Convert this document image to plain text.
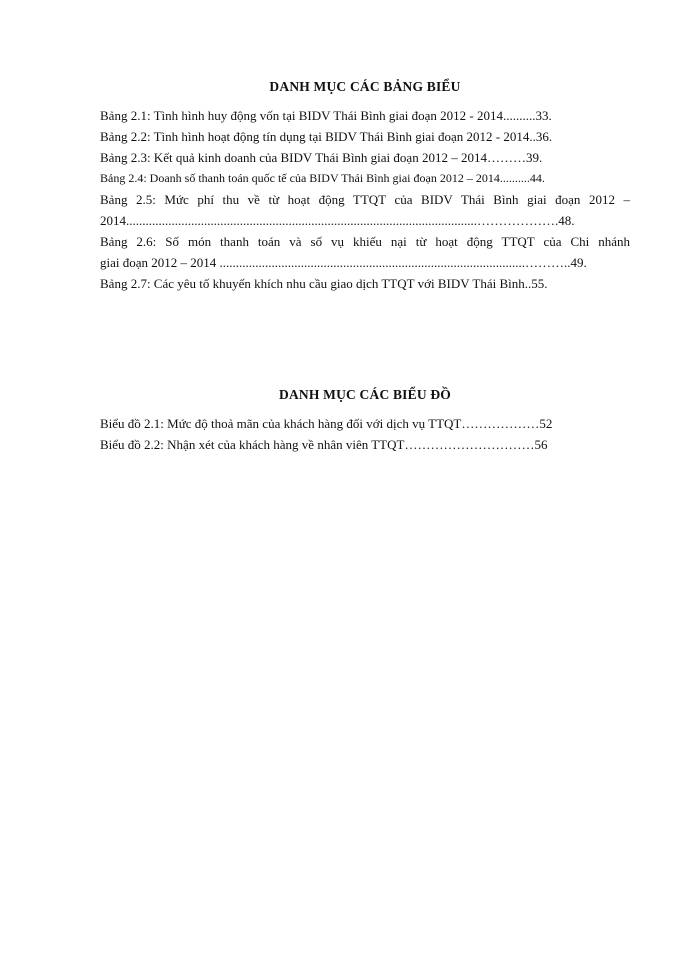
DANH MỤC CÁC BẢNG BIỂU

Bảng 2.1: Tình hình huy động vốn tại BIDV Thái Bình giai đoạn 2012 - 2014..........33.

Bảng 2.2: Tình hình hoạt động tín dụng tại BIDV Thái Bình giai đoạn 2012 - 2014..36.

Bảng 2.3: Kết quả kinh doanh của BIDV Thái Bình giai đoạn 2012 – 2014………39.

Bảng 2.4: Doanh số thanh toán quốc tế của BIDV Thái Bình giai đoạn 2012 – 2014..........44.

Bảng 2.5: Mức phí thu về từ hoạt động TTQT của BIDV Thái Bình giai đoạn 2012 –
2014............................................................................................................……………….48.

Bảng 2.6: Số món thanh toán và số vụ khiếu nại từ hoạt động TTQT của Chi nhánh
giai đoạn 2012 – 2014 ..............................................................................................………..49.

Bảng 2.7: Các yêu tố khuyến khích nhu cầu giao dịch TTQT với BIDV Thái Bình..55.

DANH MỤC CÁC BIỂU ĐỒ

Biểu đồ 2.1: Mức độ thoả mãn của khách hàng đối với dịch vụ TTQT………………52

Biểu đồ 2.2: Nhận xét của khách hàng về nhân viên TTQT…………………………56
